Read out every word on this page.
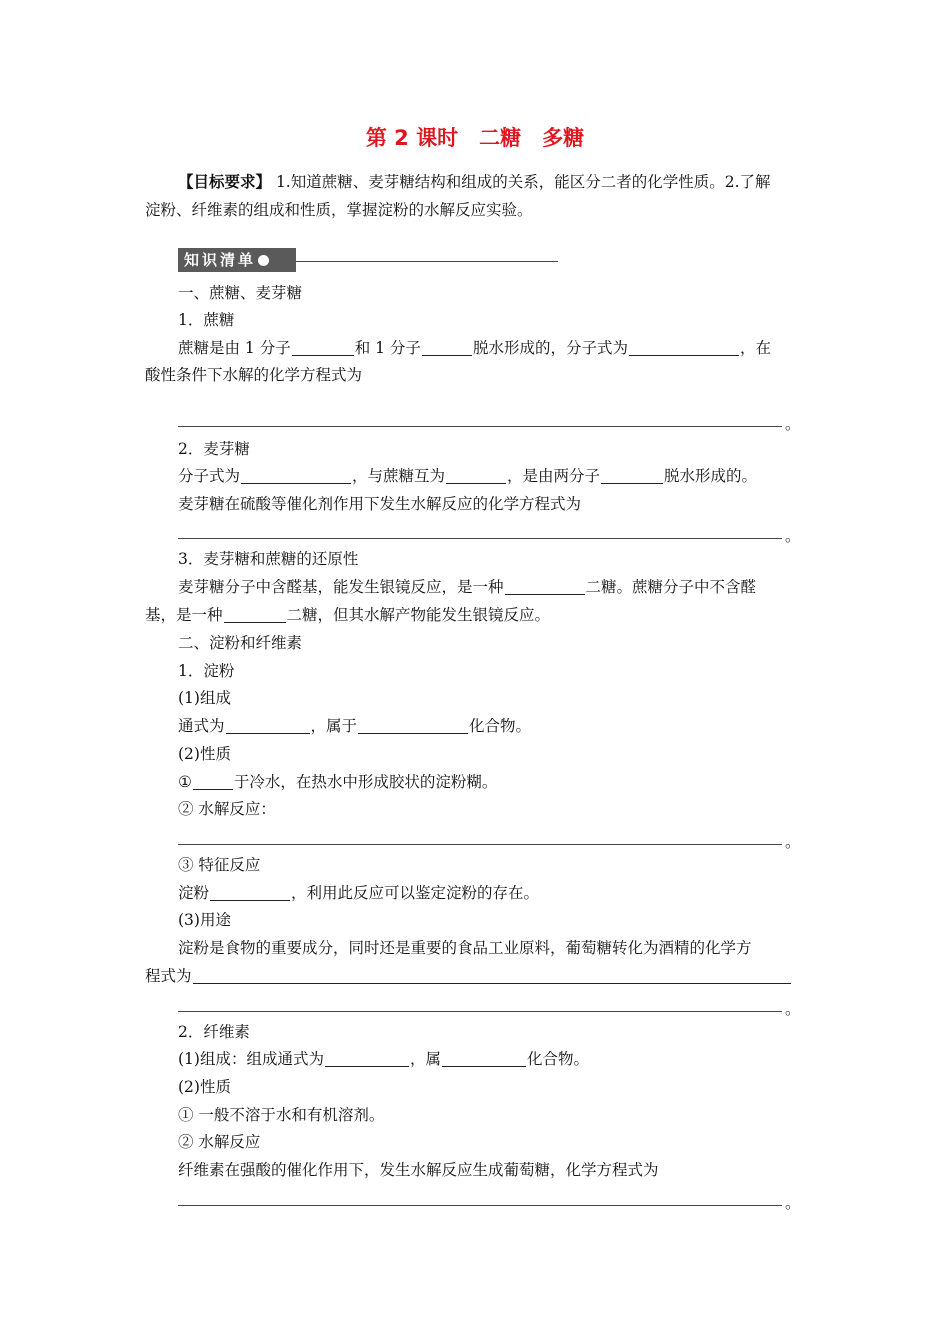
第 2 课时　二糖　多糖
【目标要求】 1.知道蔗糖、麦芽糖结构和组成的关系，能区分二者的化学性质。2.了解
淀粉、纤维素的组成和性质，掌握淀粉的水解反应实验。
知识清单
一、蔗糖、麦芽糖
1．蔗糖
蔗糖是由 1 分子	和 1 分子	脱水形成的，分子式为	，在
酸性条件下水解的化学方程式为
。
2．麦芽糖
分子式为	，与蔗糖互为	，是由两分子	脱水形成的。
麦芽糖在硫酸等催化剂作用下发生水解反应的化学方程式为
。
3．麦芽糖和蔗糖的还原性
麦芽糖分子中含醛基，能发生银镜反应，是一种	二糖。蔗糖分子中不含醛
基，是一种	二糖，但其水解产物能发生银镜反应。
二、淀粉和纤维素
1．淀粉
(1)组成
通式为	，属于	化合物。
(2)性质
①	于冷水，在热水中形成胶状的淀粉糊。
② 水解反应：
。
③ 特征反应
淀粉	，利用此反应可以鉴定淀粉的存在。
(3)用途
淀粉是食物的重要成分，同时还是重要的食品工业原料，葡萄糖转化为酒精的化学方
程式为
。
2．纤维素
(1)组成：组成通式为	，属	化合物。
(2)性质
① 一般不溶于水和有机溶剂。
② 水解反应
纤维素在强酸的催化作用下，发生水解反应生成葡萄糖，化学方程式为
。
